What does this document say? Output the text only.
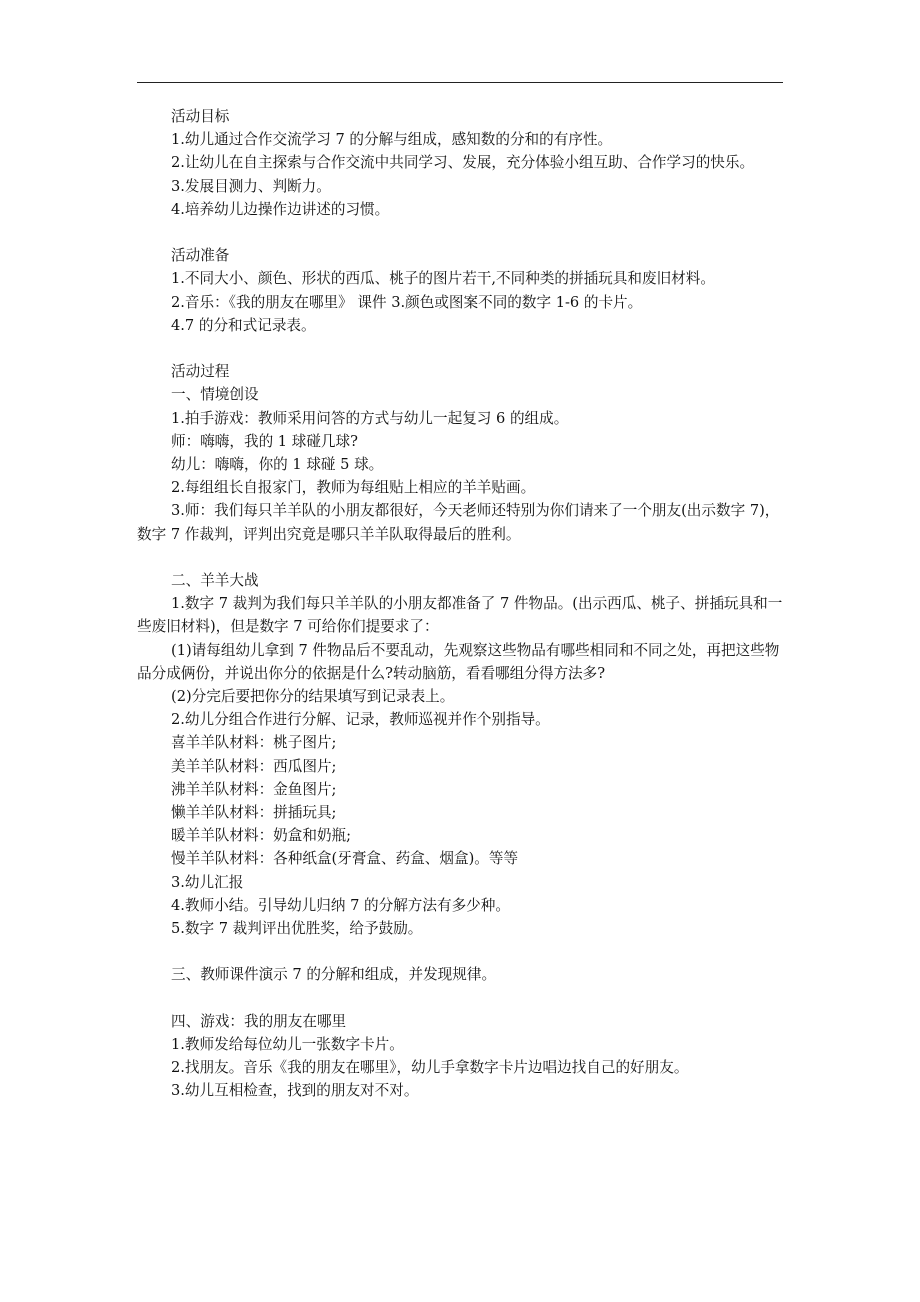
活动目标
1.幼儿通过合作交流学习 7 的分解与组成，感知数的分和的有序性。
2.让幼儿在自主探索与合作交流中共同学习、发展，充分体验小组互助、合作学习的快乐。
3.发展目测力、判断力。
4.培养幼儿边操作边讲述的习惯。
活动准备
1.不同大小、颜色、形状的西瓜、桃子的图片若干,不同种类的拼插玩具和废旧材料。
2.音乐：《我的朋友在哪里》 课件 3.颜色或图案不同的数字 1-6 的卡片。
4.7 的分和式记录表。
活动过程
一、情境创设
1.拍手游戏：教师采用问答的方式与幼儿一起复习 6 的组成。
师：嗨嗨，我的 1 球碰几球?
幼儿：嗨嗨，你的 1 球碰 5 球。
2.每组组长自报家门，教师为每组贴上相应的羊羊贴画。
3.师：我们每只羊羊队的小朋友都很好，今天老师还特别为你们请来了一个朋友(出示数字 7)，数字 7 作裁判，评判出究竟是哪只羊羊队取得最后的胜利。
二、羊羊大战
1.数字 7 裁判为我们每只羊羊队的小朋友都准备了 7 件物品。(出示西瓜、桃子、拼插玩具和一些废旧材料)，但是数字 7 可给你们提要求了：
(1)请每组幼儿拿到 7 件物品后不要乱动，先观察这些物品有哪些相同和不同之处，再把这些物品分成俩份，并说出你分的依据是什么?转动脑筋，看看哪组分得方法多?
(2)分完后要把你分的结果填写到记录表上。
2.幼儿分组合作进行分解、记录，教师巡视并作个别指导。
喜羊羊队材料：桃子图片;
美羊羊队材料：西瓜图片;
沸羊羊队材料：金鱼图片;
懒羊羊队材料：拼插玩具;
暖羊羊队材料：奶盒和奶瓶;
慢羊羊队材料：各种纸盒(牙膏盒、药盒、烟盒)。等等
3.幼儿汇报
4.教师小结。引导幼儿归纳 7 的分解方法有多少种。
5.数字 7 裁判评出优胜奖，给予鼓励。
三、教师课件演示 7 的分解和组成，并发现规律。
四、游戏：我的朋友在哪里
1.教师发给每位幼儿一张数字卡片。
2.找朋友。音乐《我的朋友在哪里》，幼儿手拿数字卡片边唱边找自己的好朋友。
3.幼儿互相检查，找到的朋友对不对。
